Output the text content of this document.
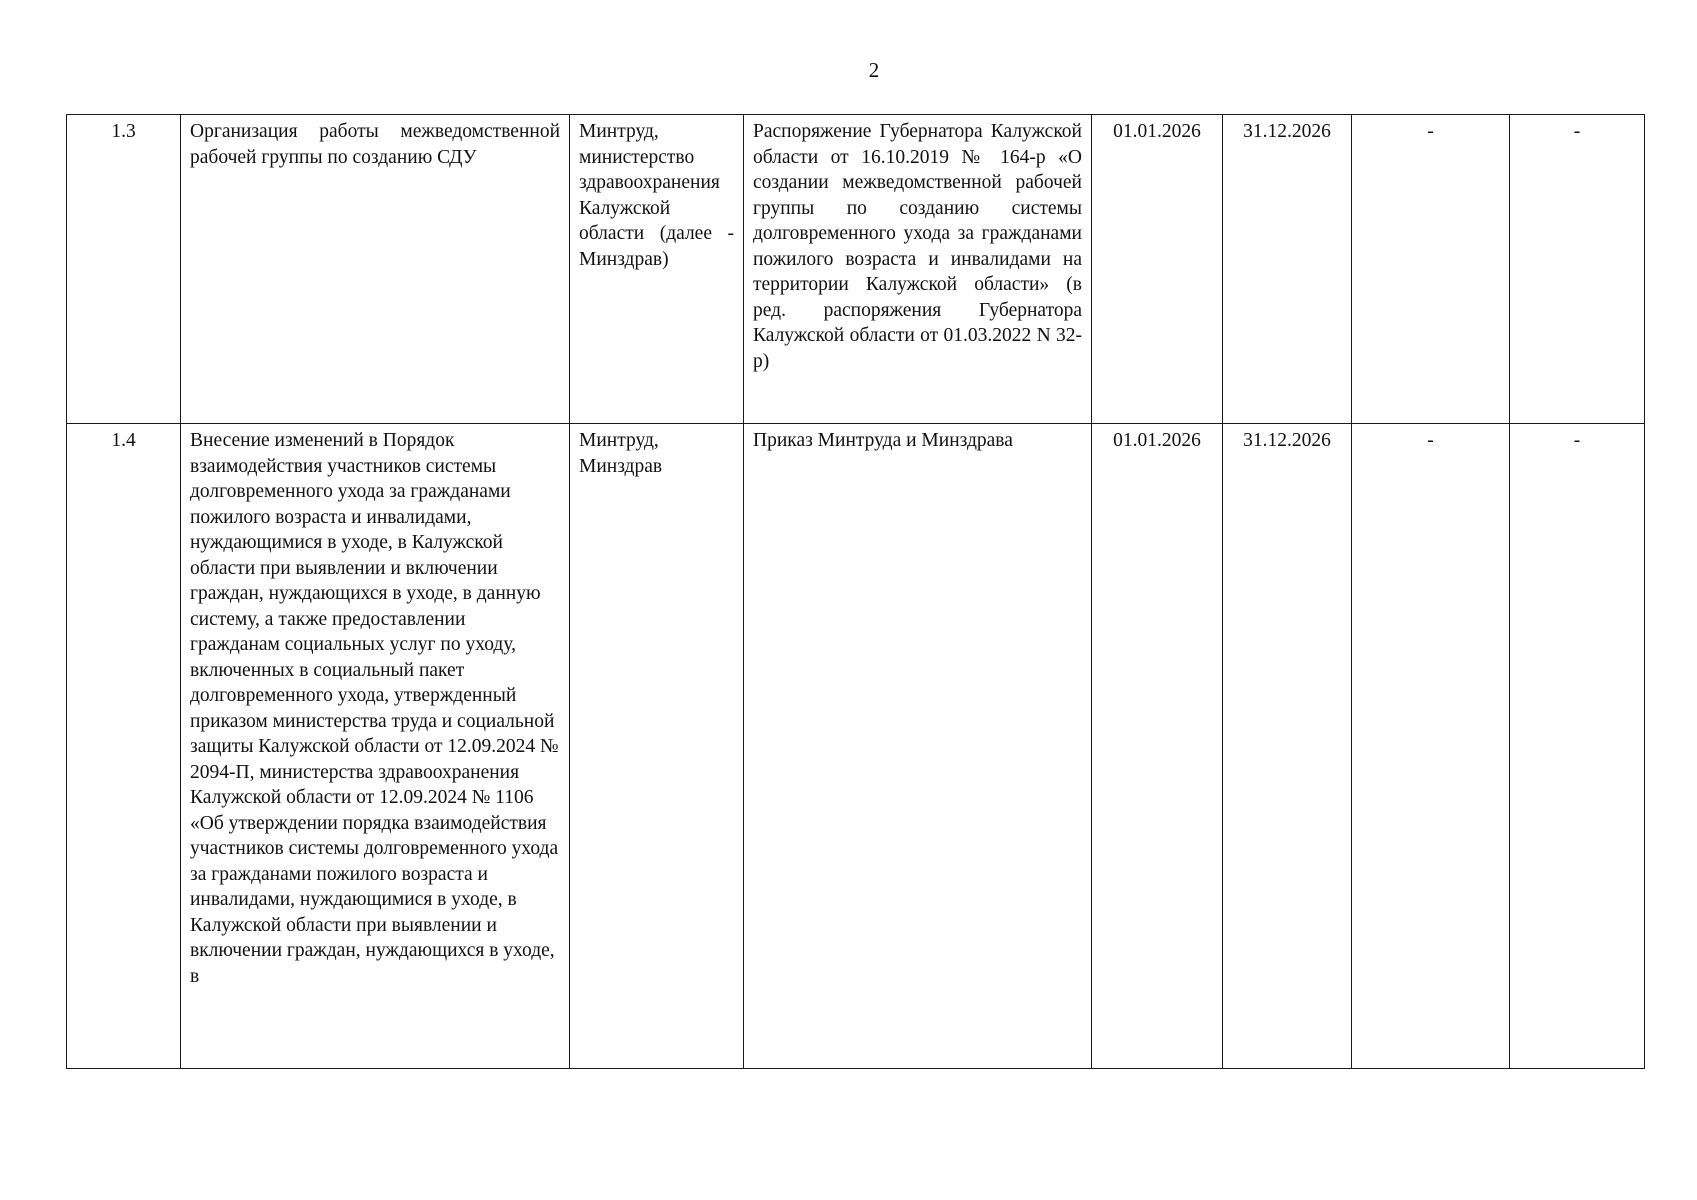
2
1.3	Организация работы межведомственной рабочей группы по созданию СДУ	Минтруд, министерство здравоохранения Калужской области (далее - Минздрав)	Распоряжение Губернатора Калужской области от 16.10.2019 № 164-р «О создании межведомственной рабочей группы по созданию системы долговременного ухода за гражданами пожилого возраста и инвалидами на территории Калужской области» (в ред. распоряжения Губернатора Калужской области от 01.03.2022 N 32-р)	01.01.2026	31.12.2026	-	-
1.4	Внесение изменений в Порядок взаимодействия участников системы долговременного ухода за гражданами пожилого возраста и инвалидами, нуждающимися в уходе, в Калужской области при выявлении и включении граждан, нуждающихся в уходе, в данную систему, а также предоставлении гражданам социальных услуг по уходу, включенных в социальный пакет долговременного ухода, утвержденный приказом министерства труда и социальной защиты Калужской области от 12.09.2024 № 2094-П, министерства здравоохранения Калужской области от 12.09.2024 № 1106 «Об утверждении порядка взаимодействия участников системы долговременного ухода за гражданами пожилого возраста и инвалидами, нуждающимися в уходе, в Калужской области при выявлении и включении граждан, нуждающихся в уходе, в	Минтруд, Минздрав	Приказ Минтруда и Минздрава	01.01.2026	31.12.2026	-	-
